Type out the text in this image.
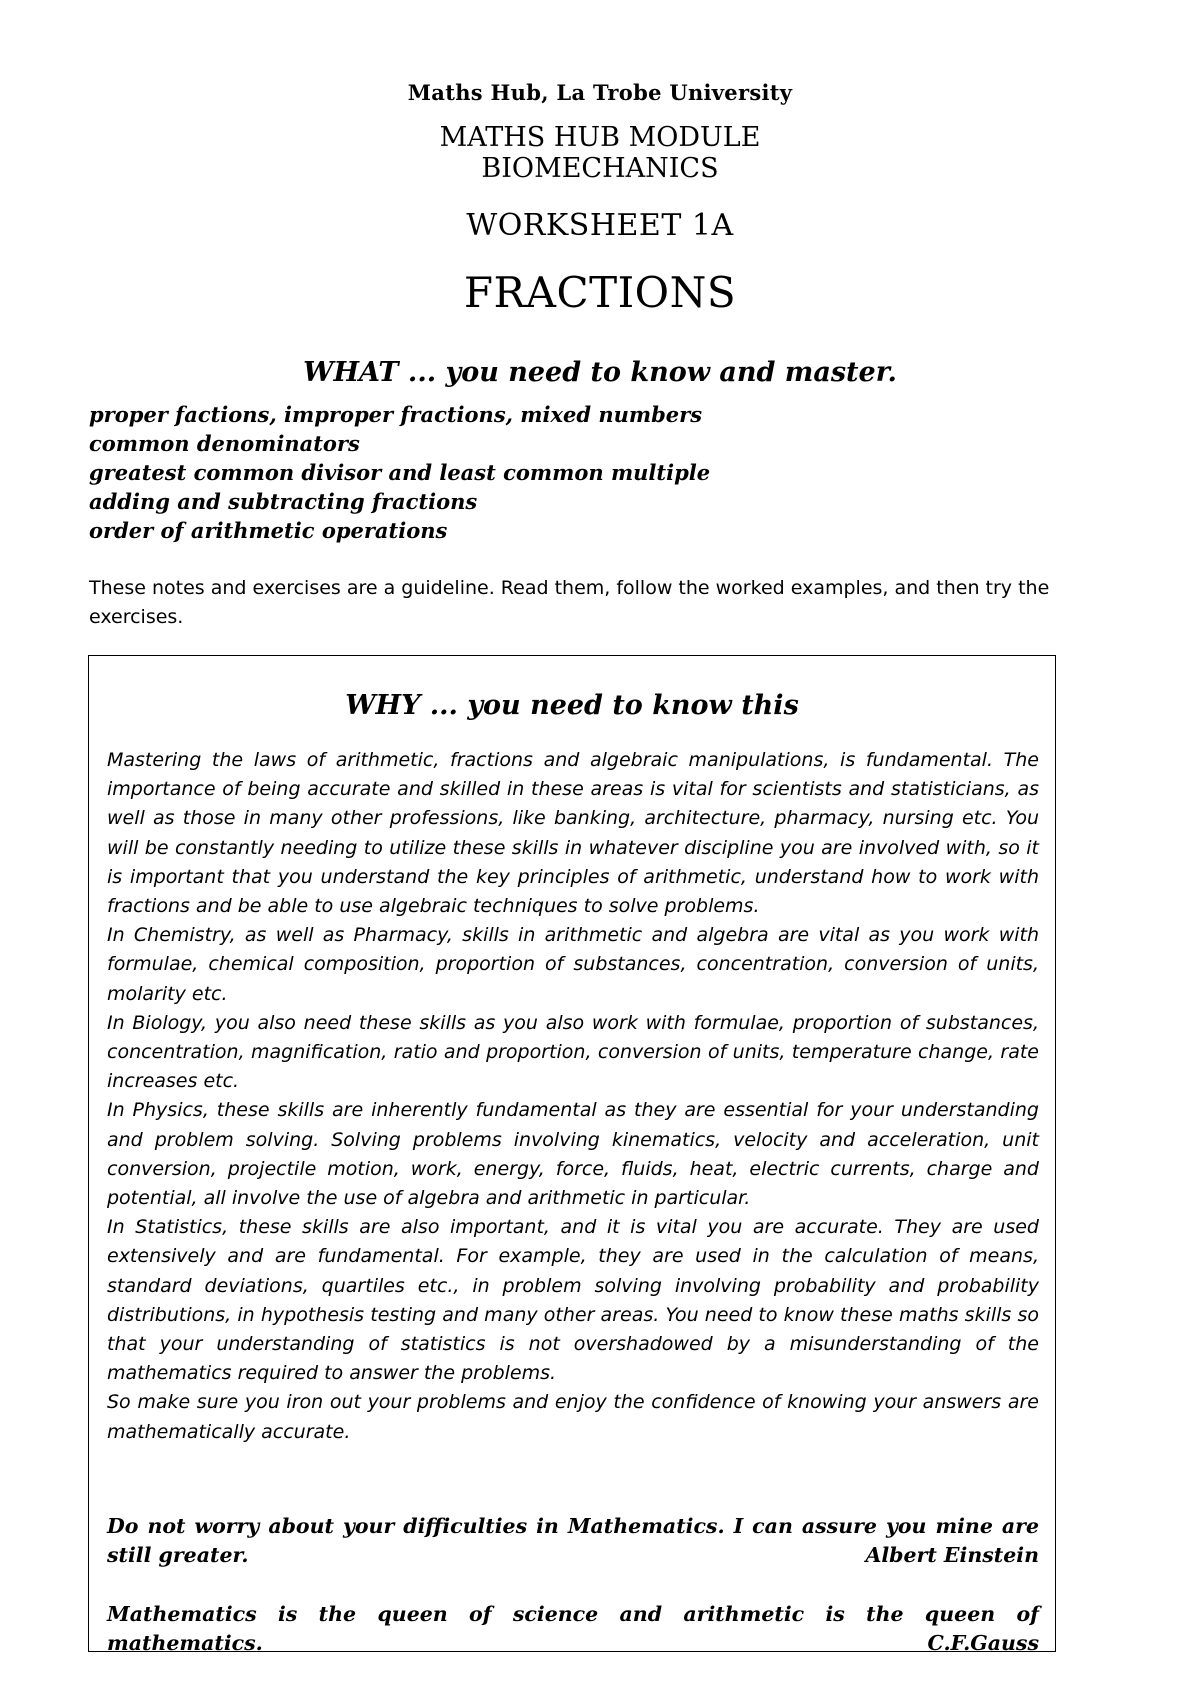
Maths Hub, La Trobe University
MATHS HUB MODULE
BIOMECHANICS
WORKSHEET 1A
FRACTIONS
WHAT ... you need to know and master.
proper factions, improper fractions, mixed numbers
common denominators
greatest common divisor and least common multiple
adding and subtracting fractions
order of arithmetic operations

These notes and exercises are a guideline. Read them, follow the worked examples, and then try the exercises.

WHY ... you need to know this

Mastering the laws of arithmetic, fractions and algebraic manipulations, is fundamental. The importance of being accurate and skilled in these areas is vital for scientists and statisticians, as well as those in many other professions, like banking, architecture, pharmacy, nursing etc. You will be constantly needing to utilize these skills in whatever discipline you are involved with, so it is important that you understand the key principles of arithmetic, understand how to work with fractions and be able to use algebraic techniques to solve problems.

In Chemistry, as well as Pharmacy, skills in arithmetic and algebra are vital as you work with formulae, chemical composition, proportion of substances, concentration, conversion of units, molarity etc.

In Biology, you also need these skills as you also work with formulae, proportion of substances, concentration, magnification, ratio and proportion, conversion of units, temperature change, rate increases etc.

In Physics, these skills are inherently fundamental as they are essential for your understanding and problem solving. Solving problems involving kinematics, velocity and acceleration, unit conversion, projectile motion, work, energy, force, fluids, heat, electric currents, charge and potential, all involve the use of algebra and arithmetic in particular.

In Statistics, these skills are also important, and it is vital you are accurate. They are used extensively and are fundamental. For example, they are used in the calculation of means, standard deviations, quartiles etc., in problem solving involving probability and probability distributions, in hypothesis testing and many other areas. You need to know these maths skills so that your understanding of statistics is not overshadowed by a misunderstanding of the mathematics required to answer the problems.

So make sure you iron out your problems and enjoy the confidence of knowing your answers are mathematically accurate.

Do not worry about your difficulties in Mathematics. I can assure you mine are still greater.	Albert Einstein
Mathematics is the queen of science and arithmetic is the queen of mathematics.	C.F.Gauss
